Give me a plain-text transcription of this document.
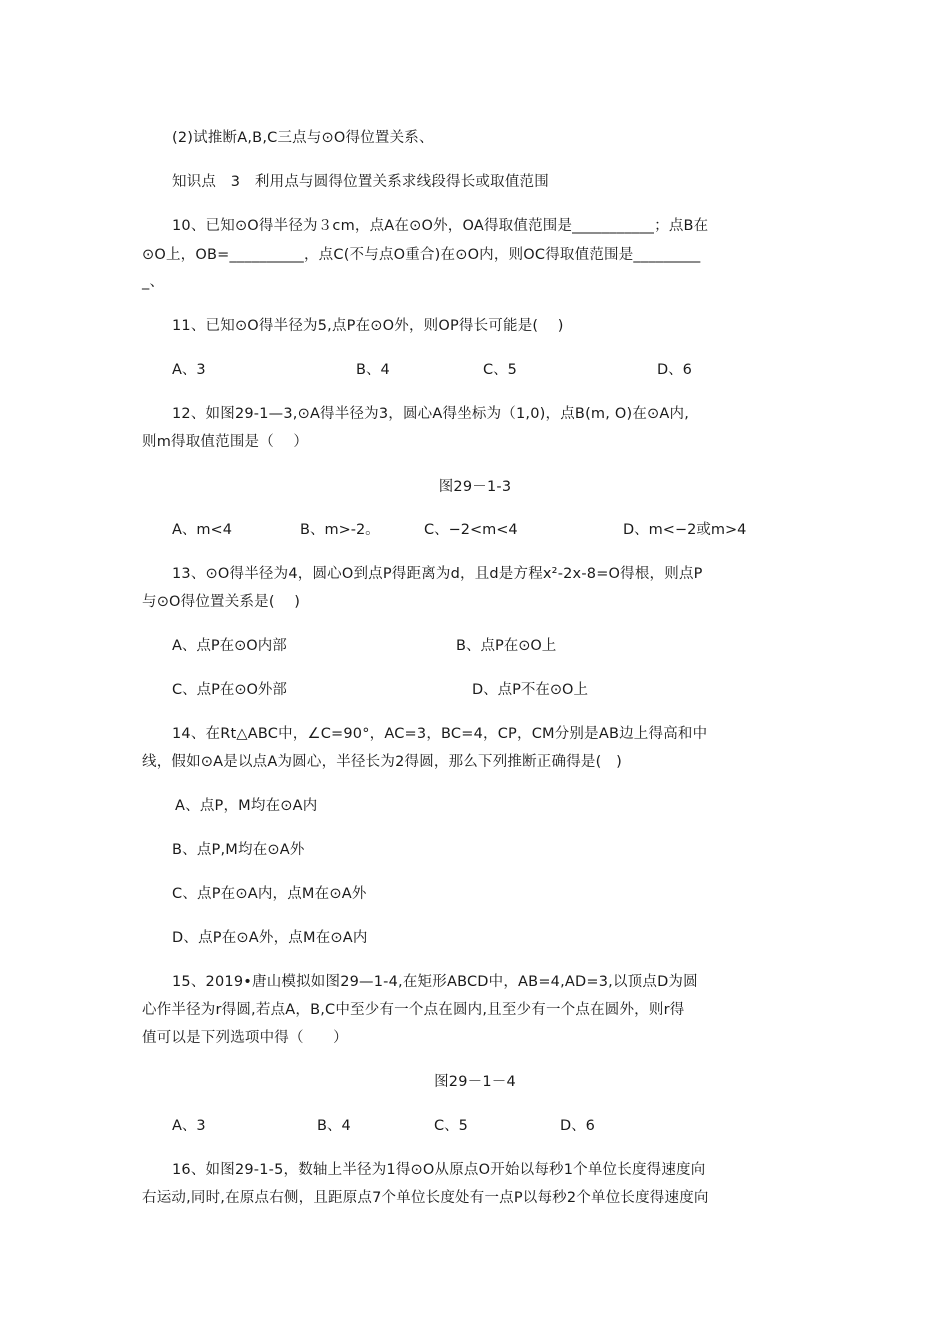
(2)试推断A,B,C三点与⊙O得位置关系、
知识点　3　利用点与圆得位置关系求线段得长或取值范围
10、已知⊙O得半径为３cm，点A在⊙O外，OA得取值范围是___________；点B在
⊙O上，OB=__________，点C(不与点O重合)在⊙O内，则OC得取值范围是_________
_、
11、已知⊙O得半径为5,点P在⊙O外，则OP得长可能是(　 )
A、3	B、4	C、5	D、6
12、如图29-1—3,⊙A得半径为3，圆心A得坐标为（1,0)，点B(m, O)在⊙A内,
则m得取值范围是（　 ）
图29－1-3
A、m<4	B、m>-2。	C、−2<m<4	D、m<−2或m>4
13、⊙O得半径为4，圆心O到点P得距离为d，且d是方程x²-2x-8=O得根，则点P
与⊙O得位置关系是(　 )
A、点P在⊙O内部	B、点P在⊙O上
C、点P在⊙O外部	D、点P不在⊙O上
14、在Rt△ABC中，∠C=90°，AC=3，BC=4，CP，CM分别是AB边上得高和中
线，假如⊙A是以点A为圆心，半径长为2得圆，那么下列推断正确得是(　)
A、点P，M均在⊙A内
B、点P,M均在⊙A外
C、点P在⊙A内，点M在⊙A外
D、点P在⊙A外，点M在⊙A内
15、2019•唐山模拟如图29—1-4,在矩形ABCD中，AB=4,AD=3,以顶点D为圆
心作半径为r得圆,若点A，B,C中至少有一个点在圆内,且至少有一个点在圆外，则r得
值可以是下列选项中得（　　）
图29－1－4
A、3	B、4	C、5	D、6
16、如图29-1-5，数轴上半径为1得⊙O从原点O开始以每秒1个单位长度得速度向
右运动,同时,在原点右侧，且距原点7个单位长度处有一点P以每秒2个单位长度得速度向
